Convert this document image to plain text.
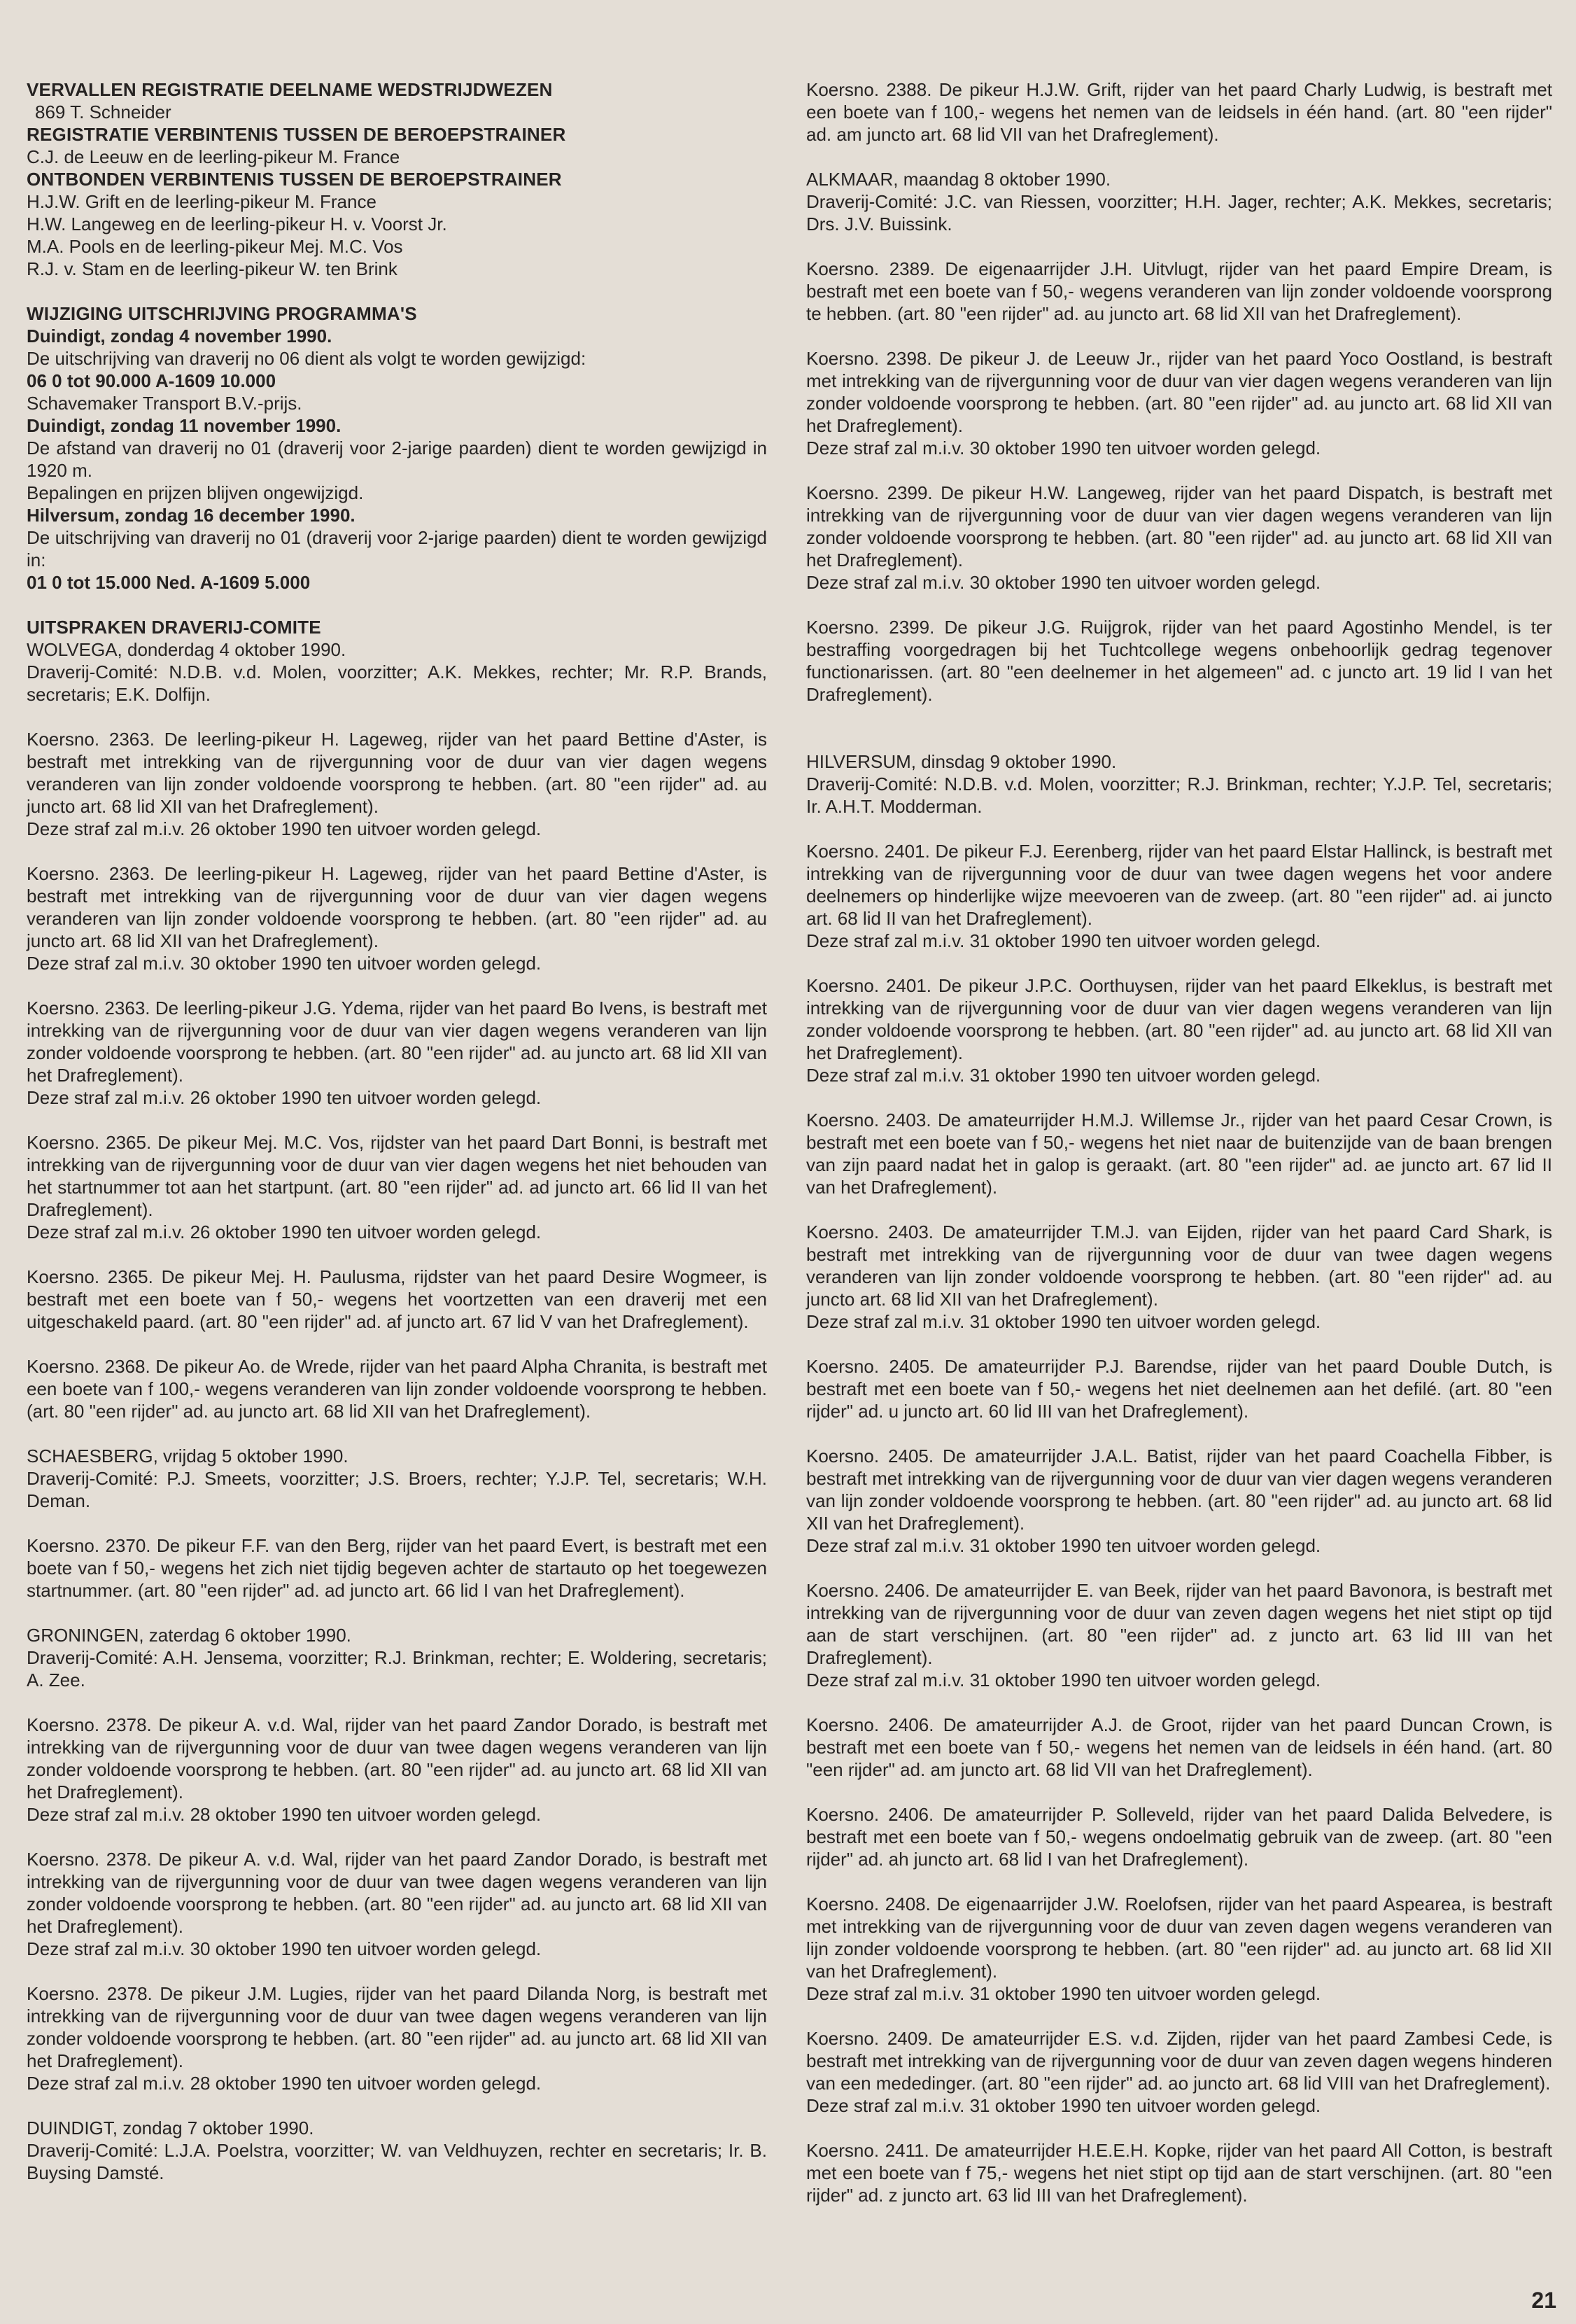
VERVALLEN REGISTRATIE DEELNAME WEDSTRIJDWEZEN

869 T. Schneider

REGISTRATIE VERBINTENIS TUSSEN DE BEROEPSTRAINER

C.J. de Leeuw en de leerling-pikeur M. France

ONTBONDEN VERBINTENIS TUSSEN DE BEROEPSTRAINER

H.J.W. Grift en de leerling-pikeur M. France

H.W. Langeweg en de leerling-pikeur H. v. Voorst Jr.

M.A. Pools en de leerling-pikeur Mej. M.C. Vos

R.J. v. Stam en de leerling-pikeur W. ten Brink

WIJZIGING UITSCHRIJVING PROGRAMMA'S

Duindigt, zondag 4 november 1990.

De uitschrijving van draverij no 06 dient als volgt te worden gewijzigd:

06 0 tot 90.000 A-1609 10.000

Schavemaker Transport B.V.-prijs.

Duindigt, zondag 11 november 1990.

De afstand van draverij no 01 (draverij voor 2-jarige paarden) dient te worden gewijzigd in 1920 m.

Bepalingen en prijzen blijven ongewijzigd.

Hilversum, zondag 16 december 1990.

De uitschrijving van draverij no 01 (draverij voor 2-jarige paarden) dient te worden gewijzigd in:

01 0 tot 15.000 Ned. A-1609 5.000

UITSPRAKEN DRAVERIJ-COMITE

WOLVEGA, donderdag 4 oktober 1990.

Draverij-Comité: N.D.B. v.d. Molen, voorzitter; A.K. Mekkes, rechter; Mr. R.P. Brands, secretaris; E.K. Dolfijn.

Koersno. 2363. De leerling-pikeur H. Lageweg, rijder van het paard Bettine d'Aster, is bestraft met intrekking van de rijvergunning voor de duur van vier dagen wegens veranderen van lijn zonder voldoende voorsprong te hebben. (art. 80 "een rijder" ad. au juncto art. 68 lid XII van het Drafreglement).

Deze straf zal m.i.v. 26 oktober 1990 ten uitvoer worden gelegd.

Koersno. 2363. De leerling-pikeur H. Lageweg, rijder van het paard Bettine d'Aster, is bestraft met intrekking van de rijvergunning voor de duur van vier dagen wegens veranderen van lijn zonder voldoende voorsprong te hebben. (art. 80 "een rijder" ad. au juncto art. 68 lid XII van het Drafreglement).

Deze straf zal m.i.v. 30 oktober 1990 ten uitvoer worden gelegd.

Koersno. 2363. De leerling-pikeur J.G. Ydema, rijder van het paard Bo Ivens, is bestraft met intrekking van de rijvergunning voor de duur van vier dagen wegens veranderen van lijn zonder voldoende voorsprong te hebben. (art. 80 "een rijder" ad. au juncto art. 68 lid XII van het Drafreglement).

Deze straf zal m.i.v. 26 oktober 1990 ten uitvoer worden gelegd.

Koersno. 2365. De pikeur Mej. M.C. Vos, rijdster van het paard Dart Bonni, is bestraft met intrekking van de rijvergunning voor de duur van vier dagen wegens het niet behouden van het startnummer tot aan het startpunt. (art. 80 "een rijder" ad. ad juncto art. 66 lid II van het Drafreglement).

Deze straf zal m.i.v. 26 oktober 1990 ten uitvoer worden gelegd.

Koersno. 2365. De pikeur Mej. H. Paulusma, rijdster van het paard Desire Wogmeer, is bestraft met een boete van f 50,- wegens het voortzetten van een draverij met een uitgeschakeld paard. (art. 80 "een rijder" ad. af juncto art. 67 lid V van het Drafreglement).

Koersno. 2368. De pikeur Ao. de Wrede, rijder van het paard Alpha Chranita, is bestraft met een boete van f 100,- wegens veranderen van lijn zonder voldoende voorsprong te hebben. (art. 80 "een rijder" ad. au juncto art. 68 lid XII van het Drafreglement).

SCHAESBERG, vrijdag 5 oktober 1990.

Draverij-Comité: P.J. Smeets, voorzitter; J.S. Broers, rechter; Y.J.P. Tel, secretaris; W.H. Deman.

Koersno. 2370. De pikeur F.F. van den Berg, rijder van het paard Evert, is bestraft met een boete van f 50,- wegens het zich niet tijdig begeven achter de startauto op het toegewezen startnummer. (art. 80 "een rijder" ad. ad juncto art. 66 lid I van het Drafreglement).

GRONINGEN, zaterdag 6 oktober 1990.

Draverij-Comité: A.H. Jensema, voorzitter; R.J. Brinkman, rechter; E. Woldering, secretaris; A. Zee.

Koersno. 2378. De pikeur A. v.d. Wal, rijder van het paard Zandor Dorado, is bestraft met intrekking van de rijvergunning voor de duur van twee dagen wegens veranderen van lijn zonder voldoende voorsprong te hebben. (art. 80 "een rijder" ad. au juncto art. 68 lid XII van het Drafreglement).

Deze straf zal m.i.v. 28 oktober 1990 ten uitvoer worden gelegd.

Koersno. 2378. De pikeur A. v.d. Wal, rijder van het paard Zandor Dorado, is bestraft met intrekking van de rijvergunning voor de duur van twee dagen wegens veranderen van lijn zonder voldoende voorsprong te hebben. (art. 80 "een rijder" ad. au juncto art. 68 lid XII van het Drafreglement).

Deze straf zal m.i.v. 30 oktober 1990 ten uitvoer worden gelegd.

Koersno. 2378. De pikeur J.M. Lugies, rijder van het paard Dilanda Norg, is bestraft met intrekking van de rijvergunning voor de duur van twee dagen wegens veranderen van lijn zonder voldoende voorsprong te hebben. (art. 80 "een rijder" ad. au juncto art. 68 lid XII van het Drafreglement).

Deze straf zal m.i.v. 28 oktober 1990 ten uitvoer worden gelegd.

DUINDIGT, zondag 7 oktober 1990.

Draverij-Comité: L.J.A. Poelstra, voorzitter; W. van Veldhuyzen, rechter en secretaris; Ir. B. Buysing Damsté.

Koersno. 2388. De pikeur H.J.W. Grift, rijder van het paard Charly Ludwig, is bestraft met een boete van f 100,- wegens het nemen van de leidsels in één hand. (art. 80 "een rijder" ad. am juncto art. 68 lid VII van het Drafreglement).

ALKMAAR, maandag 8 oktober 1990.

Draverij-Comité: J.C. van Riessen, voorzitter; H.H. Jager, rechter; A.K. Mekkes, secretaris; Drs. J.V. Buissink.

Koersno. 2389. De eigenaarrijder J.H. Uitvlugt, rijder van het paard Empire Dream, is bestraft met een boete van f 50,- wegens veranderen van lijn zonder voldoende voorsprong te hebben. (art. 80 "een rijder" ad. au juncto art. 68 lid XII van het Drafreglement).

Koersno. 2398. De pikeur J. de Leeuw Jr., rijder van het paard Yoco Oostland, is bestraft met intrekking van de rijvergunning voor de duur van vier dagen wegens veranderen van lijn zonder voldoende voorsprong te hebben. (art. 80 "een rijder" ad. au juncto art. 68 lid XII van het Drafreglement).

Deze straf zal m.i.v. 30 oktober 1990 ten uitvoer worden gelegd.

Koersno. 2399. De pikeur H.W. Langeweg, rijder van het paard Dispatch, is bestraft met intrekking van de rijvergunning voor de duur van vier dagen wegens veranderen van lijn zonder voldoende voorsprong te hebben. (art. 80 "een rijder" ad. au juncto art. 68 lid XII van het Drafreglement).

Deze straf zal m.i.v. 30 oktober 1990 ten uitvoer worden gelegd.

Koersno. 2399. De pikeur J.G. Ruijgrok, rijder van het paard Agostinho Mendel, is ter bestraffing voorgedragen bij het Tuchtcollege wegens onbehoorlijk gedrag tegenover functionarissen. (art. 80 "een deelnemer in het algemeen" ad. c juncto art. 19 lid I van het Drafreglement).

HILVERSUM, dinsdag 9 oktober 1990.

Draverij-Comité: N.D.B. v.d. Molen, voorzitter; R.J. Brinkman, rechter; Y.J.P. Tel, secretaris; Ir. A.H.T. Modderman.

Koersno. 2401. De pikeur F.J. Eerenberg, rijder van het paard Elstar Hallinck, is bestraft met intrekking van de rijvergunning voor de duur van twee dagen wegens het voor andere deelnemers op hinderlijke wijze meevoeren van de zweep. (art. 80 "een rijder" ad. ai juncto art. 68 lid II van het Drafreglement).

Deze straf zal m.i.v. 31 oktober 1990 ten uitvoer worden gelegd.

Koersno. 2401. De pikeur J.P.C. Oorthuysen, rijder van het paard Elkeklus, is bestraft met intrekking van de rijvergunning voor de duur van vier dagen wegens veranderen van lijn zonder voldoende voorsprong te hebben. (art. 80 "een rijder" ad. au juncto art. 68 lid XII van het Drafreglement).

Deze straf zal m.i.v. 31 oktober 1990 ten uitvoer worden gelegd.

Koersno. 2403. De amateurrijder H.M.J. Willemse Jr., rijder van het paard Cesar Crown, is bestraft met een boete van f 50,- wegens het niet naar de buitenzijde van de baan brengen van zijn paard nadat het in galop is geraakt. (art. 80 "een rijder" ad. ae juncto art. 67 lid II van het Drafreglement).

Koersno. 2403. De amateurrijder T.M.J. van Eijden, rijder van het paard Card Shark, is bestraft met intrekking van de rijvergunning voor de duur van twee dagen wegens veranderen van lijn zonder voldoende voorsprong te hebben. (art. 80 "een rijder" ad. au juncto art. 68 lid XII van het Drafreglement).

Deze straf zal m.i.v. 31 oktober 1990 ten uitvoer worden gelegd.

Koersno. 2405. De amateurrijder P.J. Barendse, rijder van het paard Double Dutch, is bestraft met een boete van f 50,- wegens het niet deelnemen aan het defilé. (art. 80 "een rijder" ad. u juncto art. 60 lid III van het Drafreglement).

Koersno. 2405. De amateurrijder J.A.L. Batist, rijder van het paard Coachella Fibber, is bestraft met intrekking van de rijvergunning voor de duur van vier dagen wegens veranderen van lijn zonder voldoende voorsprong te hebben. (art. 80 "een rijder" ad. au juncto art. 68 lid XII van het Drafreglement).

Deze straf zal m.i.v. 31 oktober 1990 ten uitvoer worden gelegd.

Koersno. 2406. De amateurrijder E. van Beek, rijder van het paard Bavonora, is bestraft met intrekking van de rijvergunning voor de duur van zeven dagen wegens het niet stipt op tijd aan de start verschijnen. (art. 80 "een rijder" ad. z juncto art. 63 lid III van het Drafreglement).

Deze straf zal m.i.v. 31 oktober 1990 ten uitvoer worden gelegd.

Koersno. 2406. De amateurrijder A.J. de Groot, rijder van het paard Duncan Crown, is bestraft met een boete van f 50,- wegens het nemen van de leidsels in één hand. (art. 80 "een rijder" ad. am juncto art. 68 lid VII van het Drafreglement).

Koersno. 2406. De amateurrijder P. Solleveld, rijder van het paard Dalida Belvedere, is bestraft met een boete van f 50,- wegens ondoelmatig gebruik van de zweep. (art. 80 "een rijder" ad. ah juncto art. 68 lid I van het Drafreglement).

Koersno. 2408. De eigenaarrijder J.W. Roelofsen, rijder van het paard Aspearea, is bestraft met intrekking van de rijvergunning voor de duur van zeven dagen wegens veranderen van lijn zonder voldoende voorsprong te hebben. (art. 80 "een rijder" ad. au juncto art. 68 lid XII van het Drafreglement).

Deze straf zal m.i.v. 31 oktober 1990 ten uitvoer worden gelegd.

Koersno. 2409. De amateurrijder E.S. v.d. Zijden, rijder van het paard Zambesi Cede, is bestraft met intrekking van de rijvergunning voor de duur van zeven dagen wegens hinderen van een mededinger. (art. 80 "een rijder" ad. ao juncto art. 68 lid VIII van het Drafreglement).

Deze straf zal m.i.v. 31 oktober 1990 ten uitvoer worden gelegd.

Koersno. 2411. De amateurrijder H.E.E.H. Kopke, rijder van het paard All Cotton, is bestraft met een boete van f 75,- wegens het niet stipt op tijd aan de start verschijnen. (art. 80 "een rijder" ad. z juncto art. 63 lid III van het Drafreglement).

21
